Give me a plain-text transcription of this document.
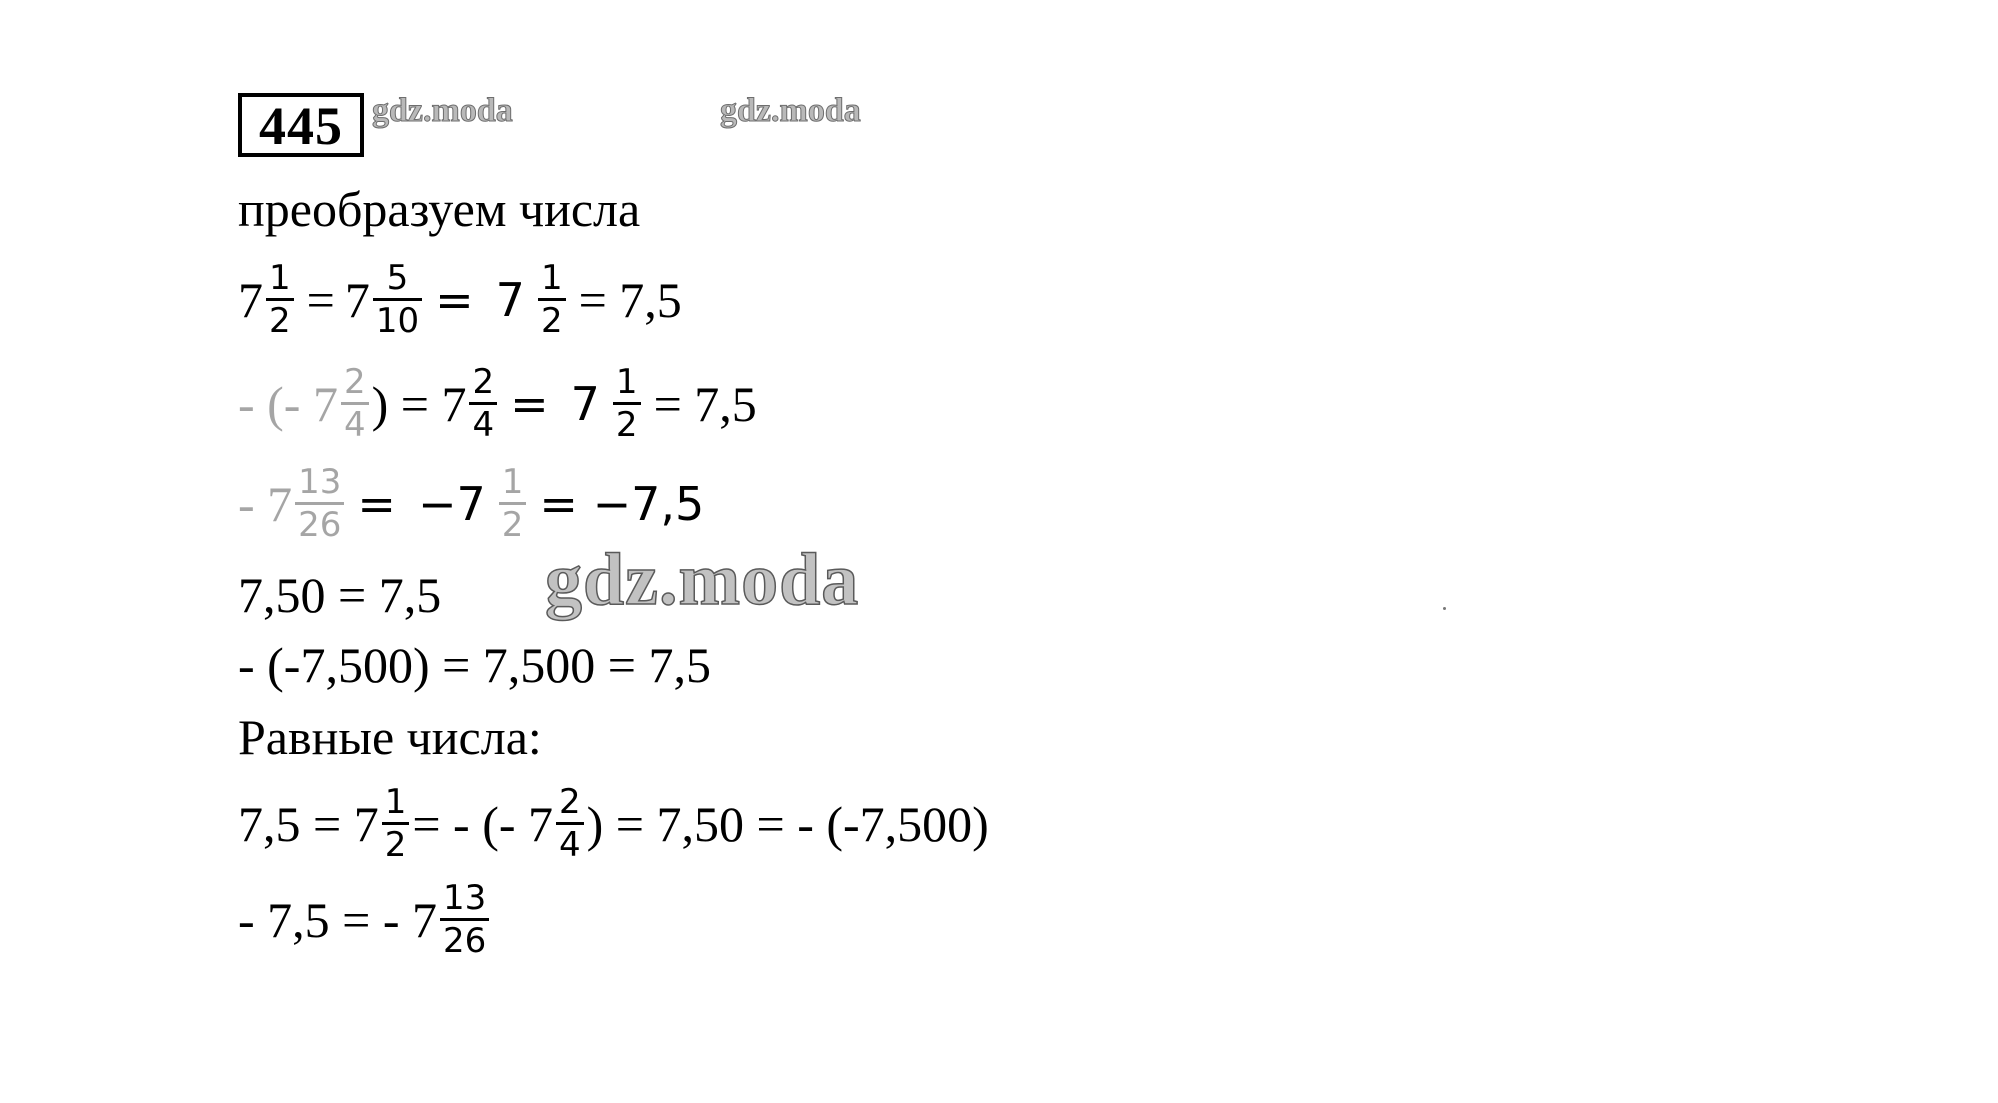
445 gdz.moda	gdz.moda
преобразуем числа
$7 \frac{1}{2} = 7 \frac{5}{10} = 7 \frac{1}{2} = 7,5$
- (- $7 \frac{2}{4}$ ) = $7 \frac{2}{4} = 7 \frac{1}{2} = 7,5$
- $7 \frac{13}{26} = -7 \frac{1}{2} = -7,5$
7,50 = 7,5
- (-7,500) = 7,500 = 7,5
Равные числа:
$7,5 = 7 \frac{1}{2}$ = - (- $7 \frac{2}{4}$ ) = 7,50 = - (-7,500)
- 7,5 = - $7 \frac{13}{26}$
gdz.moda
